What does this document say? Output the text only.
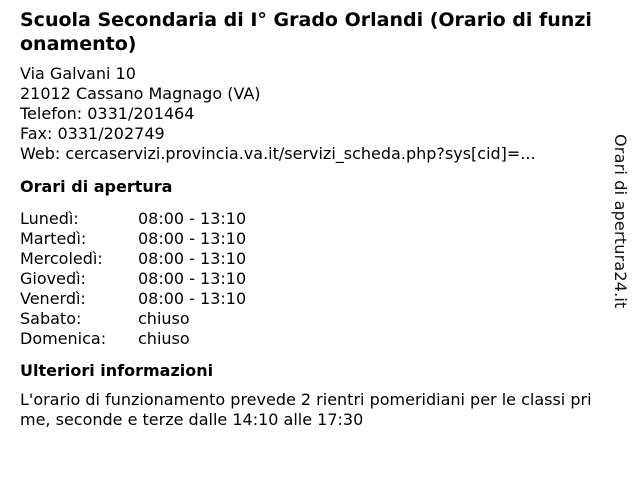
Scuola Secondaria di I° Grado Orlandi (Orario di funzionamento)
Via Galvani 10
21012 Cassano Magnago (VA)
Telefon: 0331/201464
Fax: 0331/202749
Web: cercaservizi.provincia.va.it/servizi_scheda.php?sys[cid]=...
Orari di apertura
Lunedì:	08:00 - 13:10
Martedì:	08:00 - 13:10
Mercoledì:	08:00 - 13:10
Giovedì:	08:00 - 13:10
Venerdì:	08:00 - 13:10
Sabato:	chiuso
Domenica:	chiuso
Ulteriori informazioni
L'orario di funzionamento prevede 2 rientri pomeridiani per le classi prime, seconde e terze dalle 14:10 alle 17:30
Orari di apertura24.it
